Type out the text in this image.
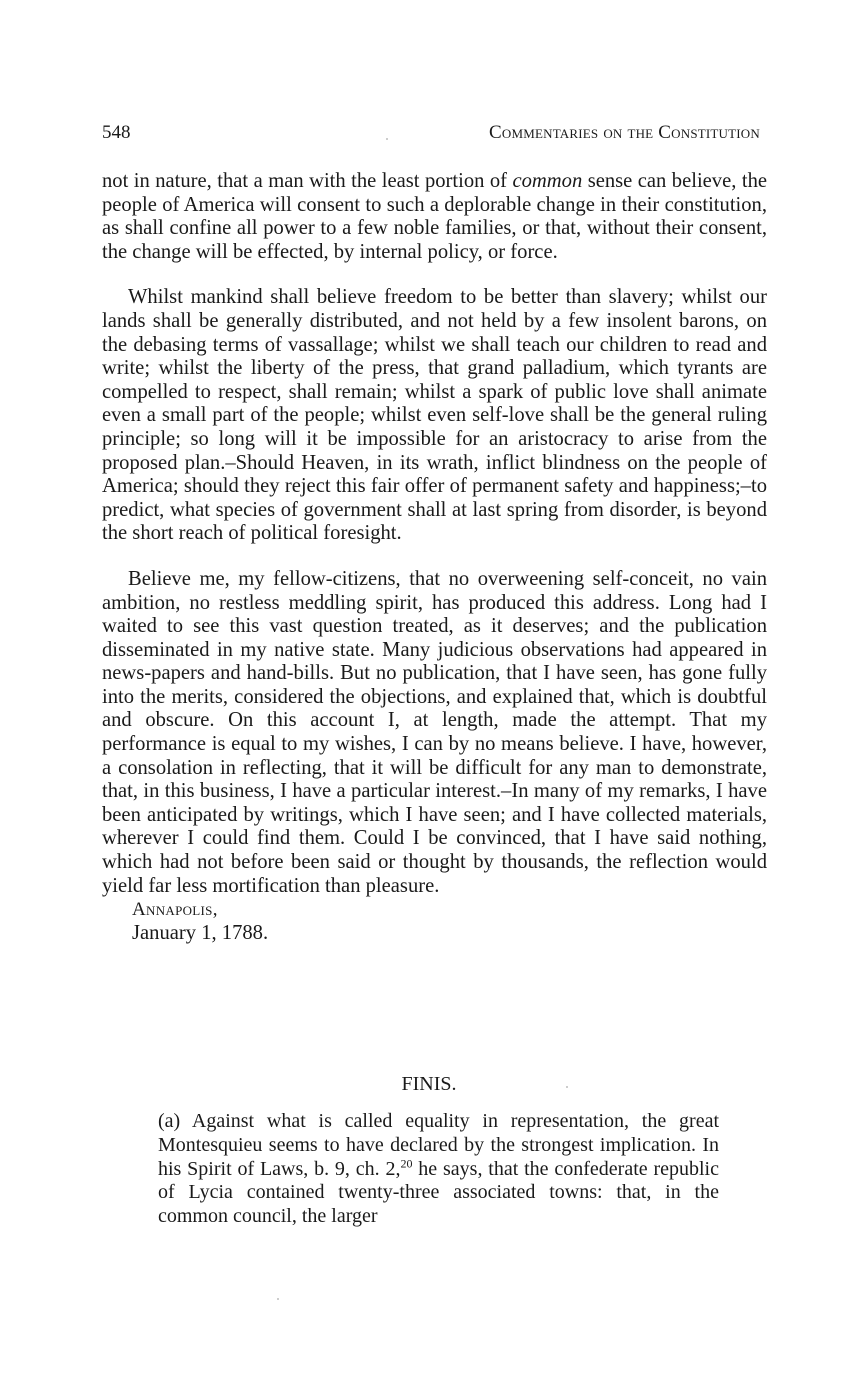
548	Commentaries on the Constitution

not in nature, that a man with the least portion of common sense can believe, the people of America will consent to such a deplorable change in their constitution, as shall confine all power to a few noble families, or that, without their consent, the change will be effected, by internal policy, or force.

Whilst mankind shall believe freedom to be better than slavery; whilst our lands shall be generally distributed, and not held by a few insolent barons, on the debasing terms of vassallage; whilst we shall teach our children to read and write; whilst the liberty of the press, that grand palladium, which tyrants are compelled to respect, shall remain; whilst a spark of public love shall animate even a small part of the people; whilst even self-love shall be the general ruling principle; so long will it be impossible for an aristocracy to arise from the proposed plan.–Should Heaven, in its wrath, inflict blindness on the people of America; should they reject this fair offer of permanent safety and happiness;–to predict, what species of government shall at last spring from disorder, is beyond the short reach of political foresight.

Believe me, my fellow-citizens, that no overweening self-conceit, no vain ambition, no restless meddling spirit, has produced this address. Long had I waited to see this vast question treated, as it deserves; and the publication disseminated in my native state. Many judicious observations had appeared in news-papers and hand-bills. But no publication, that I have seen, has gone fully into the merits, considered the objections, and explained that, which is doubtful and obscure. On this account I, at length, made the attempt. That my performance is equal to my wishes, I can by no means believe. I have, however, a consolation in reflecting, that it will be difficult for any man to demonstrate, that, in this business, I have a particular interest.–In many of my remarks, I have been anticipated by writings, which I have seen; and I have collected materials, wherever I could find them. Could I be convinced, that I have said nothing, which had not before been said or thought by thousands, the reflection would yield far less mortification than pleasure.

Annapolis,
January 1, 1788.
FINIS.

(a) Against what is called equality in representation, the great Montesquieu seems to have declared by the strongest implication. In his Spirit of Laws, b. 9, ch. 2,20 he says, that the confederate republic of Lycia contained twenty-three associated towns: that, in the common council, the larger
